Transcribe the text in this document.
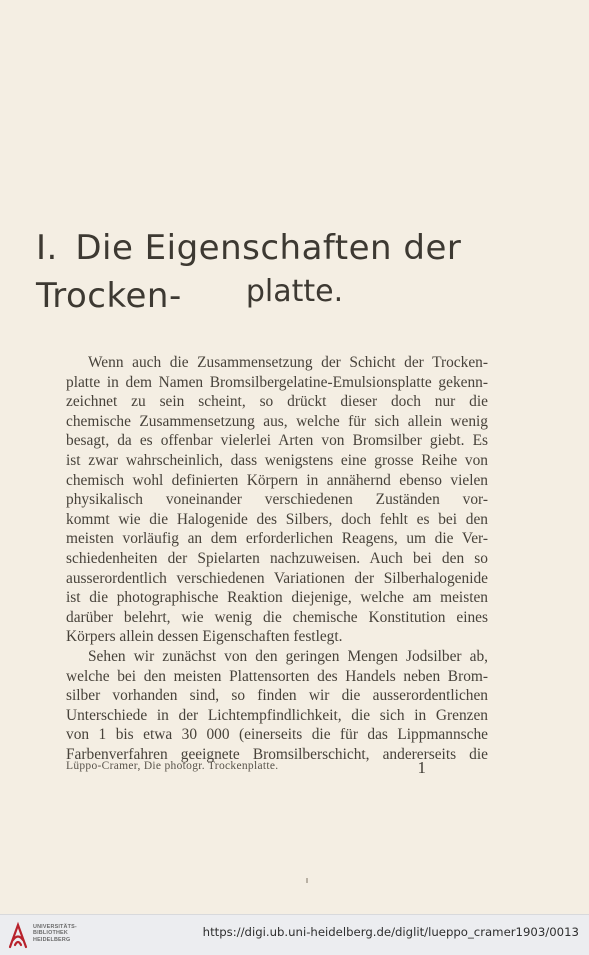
I. Die Eigenschaften der Trocken-	platte.
Wenn auch die Zusammensetzung der Schicht der Trocken-
platte in dem Namen Bromsilbergelatine-Emulsionsplatte gekenn-
zeichnet zu sein scheint, so drückt dieser doch nur die
chemische Zusammensetzung aus, welche für sich allein wenig
besagt, da es offenbar vielerlei Arten von Bromsilber giebt. Es
ist zwar wahrscheinlich, dass wenigstens eine grosse Reihe von
chemisch wohl definierten Körpern in annähernd ebenso vielen
physikalisch voneinander verschiedenen Zuständen vor-
kommt wie die Halogenide des Silbers, doch fehlt es bei den
meisten vorläufig an dem erforderlichen Reagens, um die Ver-
schiedenheiten der Spielarten nachzuweisen. Auch bei den so
ausserordentlich verschiedenen Variationen der Silberhalogenide
ist die photographische Reaktion diejenige, welche am meisten
darüber belehrt, wie wenig die chemische Konstitution eines
Körpers allein dessen Eigenschaften festlegt.
Sehen wir zunächst von den geringen Mengen Jodsilber ab,
welche bei den meisten Plattensorten des Handels neben Brom-
silber vorhanden sind, so finden wir die ausserordentlichen
Unterschiede in der Lichtempfindlichkeit, die sich in Grenzen
von 1 bis etwa 30 000 (einerseits die für das Lippmannsche
Farbenverfahren geeignete Bromsilberschicht, andererseits die
Lüppo-Cramer, Die photogr. Trockenplatte.	1
UNIVERSITÄTS-
BIBLIOTHEK
HEIDELBERG
https://digi.ub.uni-heidelberg.de/diglit/lueppo_cramer1903/0013
